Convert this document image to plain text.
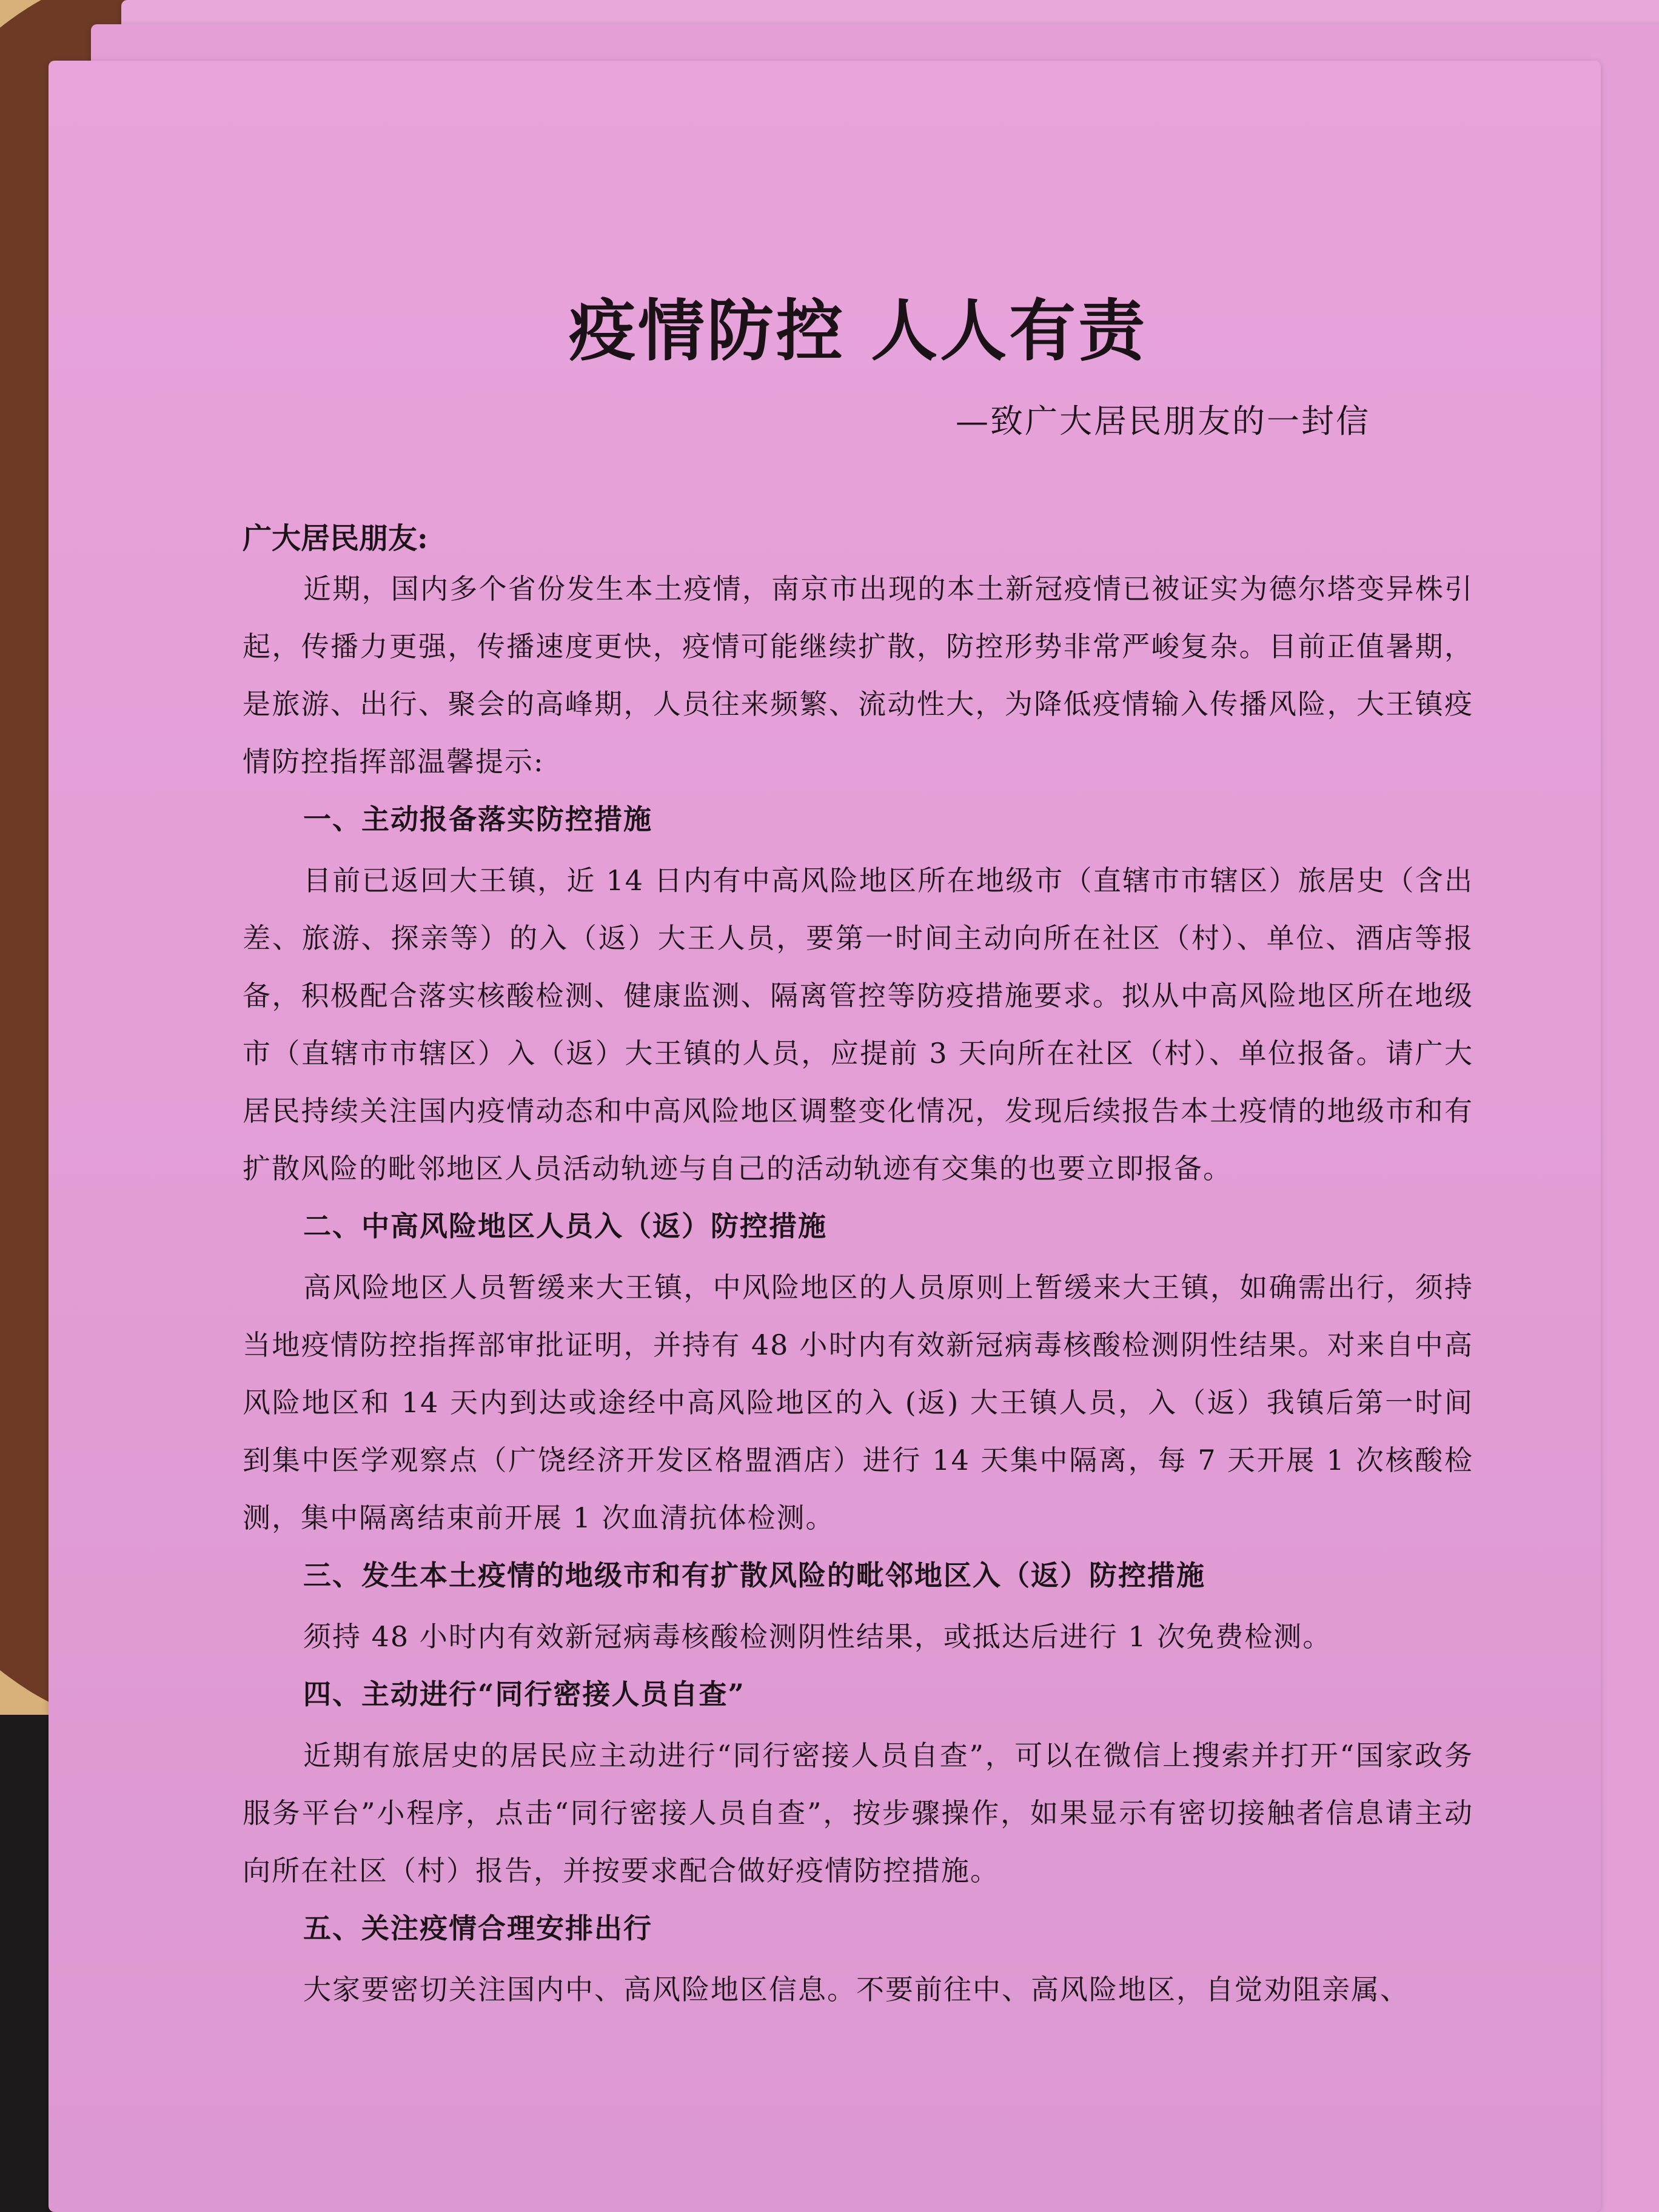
疫情防控 人人有责

—致广大居民朋友的一封信

广大居民朋友:

近期，国内多个省份发生本土疫情，南京市出现的本土新冠疫情已被证实为德尔塔变异株引起，传播力更强，传播速度更快，疫情可能继续扩散，防控形势非常严峻复杂。目前正值暑期，是旅游、出行、聚会的高峰期，人员往来频繁、流动性大，为降低疫情输入传播风险，大王镇疫情防控指挥部温馨提示:

一、主动报备落实防控措施

目前已返回大王镇，近 14 日内有中高风险地区所在地级市（直辖市市辖区）旅居史（含出差、旅游、探亲等）的入（返）大王人员，要第一时间主动向所在社区（村）、单位、酒店等报备，积极配合落实核酸检测、健康监测、隔离管控等防疫措施要求。拟从中高风险地区所在地级市（直辖市市辖区）入（返）大王镇的人员，应提前 3 天向所在社区（村）、单位报备。请广大居民持续关注国内疫情动态和中高风险地区调整变化情况，发现后续报告本土疫情的地级市和有扩散风险的毗邻地区人员活动轨迹与自己的活动轨迹有交集的也要立即报备。

二、中高风险地区人员入（返）防控措施

高风险地区人员暂缓来大王镇，中风险地区的人员原则上暂缓来大王镇，如确需出行，须持当地疫情防控指挥部审批证明，并持有 48 小时内有效新冠病毒核酸检测阴性结果。对来自中高风险地区和 14 天内到达或途经中高风险地区的入 (返) 大王镇人员，入（返）我镇后第一时间到集中医学观察点（广饶经济开发区格盟酒店）进行 14 天集中隔离，每 7 天开展 1 次核酸检测，集中隔离结束前开展 1 次血清抗体检测。

三、发生本土疫情的地级市和有扩散风险的毗邻地区入（返）防控措施

须持 48 小时内有效新冠病毒核酸检测阴性结果，或抵达后进行 1 次免费检测。

四、主动进行“同行密接人员自查”

近期有旅居史的居民应主动进行“同行密接人员自查”，可以在微信上搜索并打开“国家政务服务平台”小程序，点击“同行密接人员自查”，按步骤操作，如果显示有密切接触者信息请主动向所在社区（村）报告，并按要求配合做好疫情防控措施。

五、关注疫情合理安排出行

大家要密切关注国内中、高风险地区信息。不要前往中、高风险地区，自觉劝阻亲属、
